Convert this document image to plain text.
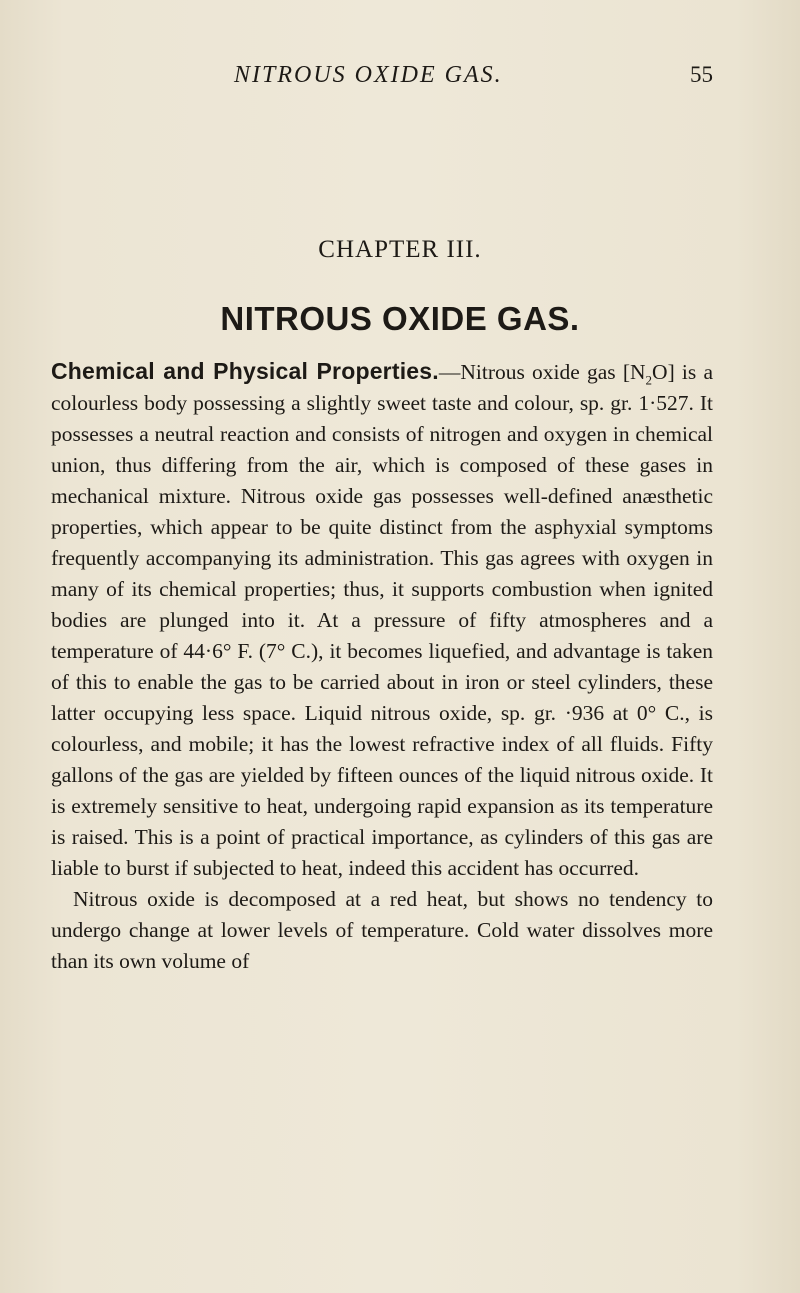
NITROUS OXIDE GAS.	55
CHAPTER III.
NITROUS OXIDE GAS.

Chemical and Physical Properties.—Nitrous oxide gas $[N_2O]$ is a colourless body possessing a slightly sweet taste and colour, sp. gr. 1·527. It possesses a neutral reaction and consists of nitrogen and oxygen in chemical union, thus differing from the air, which is composed of these gases in mechanical mixture. Nitrous oxide gas possesses well-defined anæsthetic properties, which appear to be quite distinct from the asphyxial symptoms frequently accompanying its administration. This gas agrees with oxygen in many of its chemical properties; thus, it supports combustion when ignited bodies are plunged into it. At a pressure of fifty atmospheres and a temperature of 44·6° F. (7° C.), it becomes liquefied, and advantage is taken of this to enable the gas to be carried about in iron or steel cylinders, these latter occupying less space. Liquid nitrous oxide, sp. gr. ·936 at 0° C., is colourless, and mobile; it has the lowest refractive index of all fluids. Fifty gallons of the gas are yielded by fifteen ounces of the liquid nitrous oxide. It is extremely sensitive to heat, undergoing rapid expansion as its temperature is raised. This is a point of practical importance, as cylinders of this gas are liable to burst if subjected to heat, indeed this accident has occurred.

Nitrous oxide is decomposed at a red heat, but shows no tendency to undergo change at lower levels of temperature. Cold water dissolves more than its own volume of
